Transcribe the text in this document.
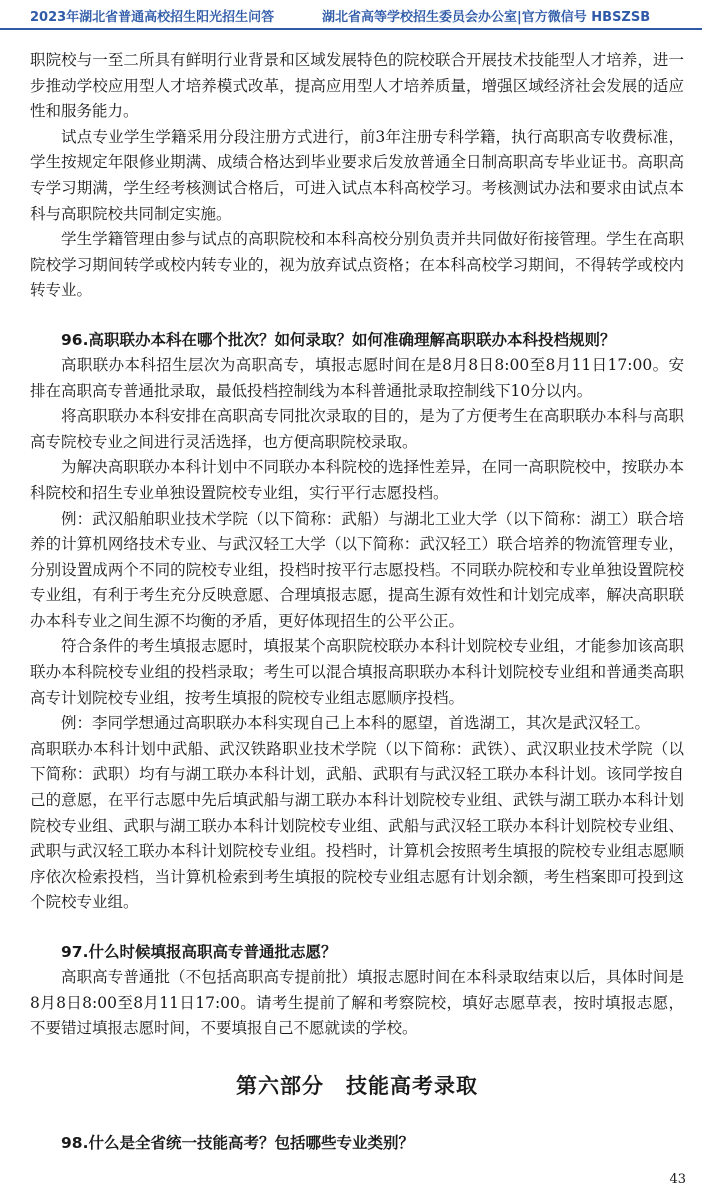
2023年湖北省普通高校招生阳光招生问答	湖北省高等学校招生委员会办公室|官方微信号 HBSZSB

职院校与一至二所具有鲜明行业背景和区域发展特色的院校联合开展技术技能型人才培养，进一步推动学校应用型人才培养模式改革，提高应用型人才培养质量，增强区域经济社会发展的适应性和服务能力。

试点专业学生学籍采用分段注册方式进行，前3年注册专科学籍，执行高职高专收费标准，学生按规定年限修业期满、成绩合格达到毕业要求后发放普通全日制高职高专毕业证书。高职高专学习期满，学生经考核测试合格后，可进入试点本科高校学习。考核测试办法和要求由试点本科与高职院校共同制定实施。

学生学籍管理由参与试点的高职院校和本科高校分别负责并共同做好衔接管理。学生在高职院校学习期间转学或校内转专业的，视为放弃试点资格；在本科高校学习期间，不得转学或校内转专业。

96.高职联办本科在哪个批次？如何录取？如何准确理解高职联办本科投档规则？

高职联办本科招生层次为高职高专，填报志愿时间在是8月8日8:00至8月11日17:00。安排在高职高专普通批录取，最低投档控制线为本科普通批录取控制线下10分以内。

将高职联办本科安排在高职高专同批次录取的目的，是为了方便考生在高职联办本科与高职高专院校专业之间进行灵活选择，也方便高职院校录取。

为解决高职联办本科计划中不同联办本科院校的选择性差异，在同一高职院校中，按联办本科院校和招生专业单独设置院校专业组，实行平行志愿投档。

例：武汉船舶职业技术学院（以下简称：武船）与湖北工业大学（以下简称：湖工）联合培养的计算机网络技术专业、与武汉轻工大学（以下简称：武汉轻工）联合培养的物流管理专业，分别设置成两个不同的院校专业组，投档时按平行志愿投档。不同联办院校和专业单独设置院校专业组，有利于考生充分反映意愿、合理填报志愿，提高生源有效性和计划完成率，解决高职联办本科专业之间生源不均衡的矛盾，更好体现招生的公平公正。

符合条件的考生填报志愿时，填报某个高职院校联办本科计划院校专业组，才能参加该高职联办本科院校专业组的投档录取；考生可以混合填报高职联办本科计划院校专业组和普通类高职高专计划院校专业组，按考生填报的院校专业组志愿顺序投档。

例：李同学想通过高职联办本科实现自己上本科的愿望，首选湖工，其次是武汉轻工。

高职联办本科计划中武船、武汉铁路职业技术学院（以下简称：武铁）、武汉职业技术学院（以下简称：武职）均有与湖工联办本科计划，武船、武职有与武汉轻工联办本科计划。该同学按自己的意愿，在平行志愿中先后填武船与湖工联办本科计划院校专业组、武铁与湖工联办本科计划院校专业组、武职与湖工联办本科计划院校专业组、武船与武汉轻工联办本科计划院校专业组、武职与武汉轻工联办本科计划院校专业组。投档时，计算机会按照考生填报的院校专业组志愿顺序依次检索投档，当计算机检索到考生填报的院校专业组志愿有计划余额，考生档案即可投到这个院校专业组。

97.什么时候填报高职高专普通批志愿？

高职高专普通批（不包括高职高专提前批）填报志愿时间在本科录取结束以后，具体时间是8月8日8:00至8月11日17:00。请考生提前了解和考察院校，填好志愿草表，按时填报志愿，不要错过填报志愿时间，不要填报自己不愿就读的学校。

第六部分　技能高考录取
98.什么是全省统一技能高考？包括哪些专业类别？
43
